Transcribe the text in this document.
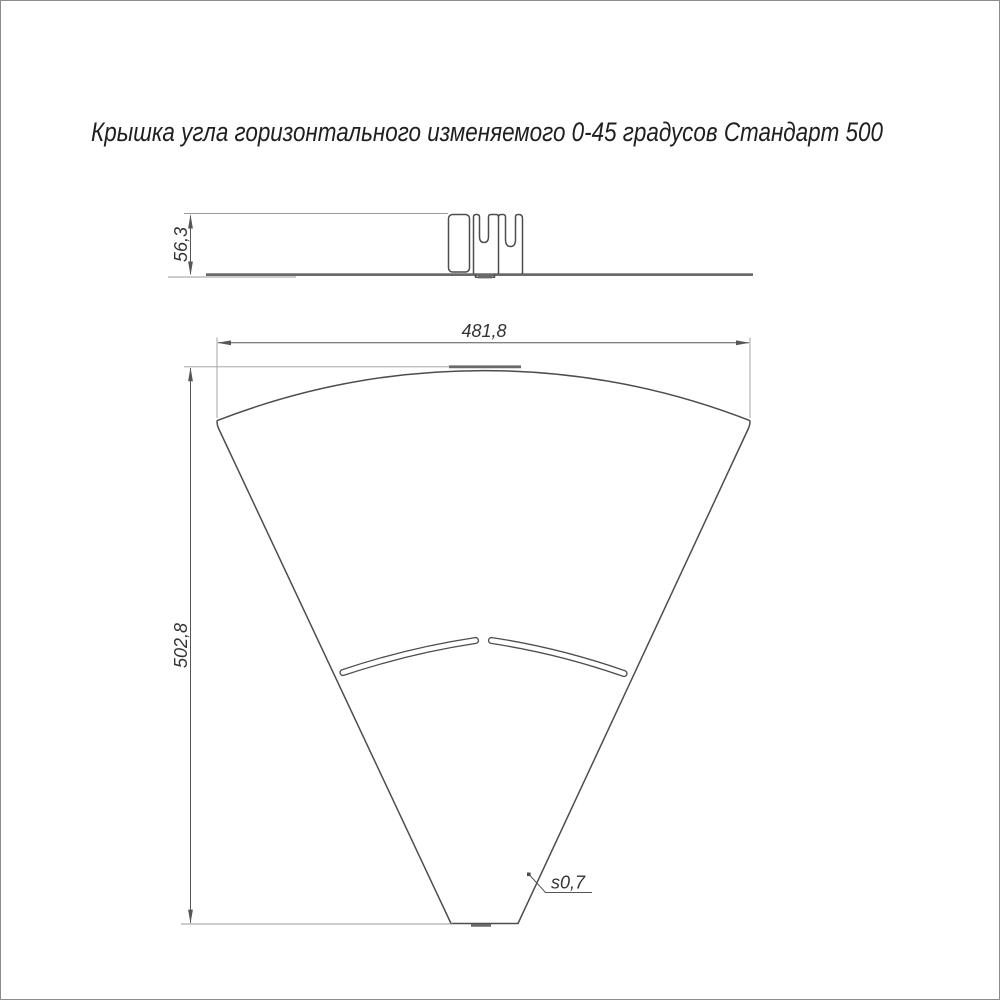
Крышка угла горизонтального изменяемого 0-45 градусов Стандарт 500
56,3
481,8
502,8
s0,7
